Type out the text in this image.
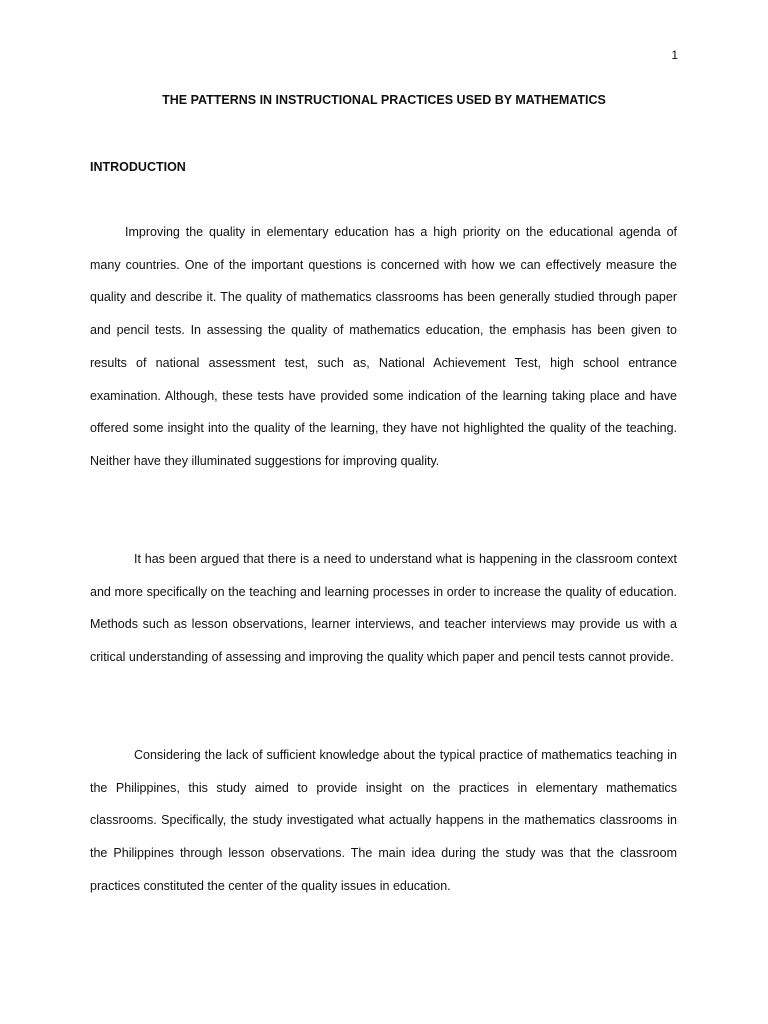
1
THE PATTERNS IN INSTRUCTIONAL PRACTICES USED BY MATHEMATICS
INTRODUCTION

Improving the quality in elementary education has a high priority on the educational agenda of many countries. One of the important questions is concerned with how we can effectively measure the quality and describe it. The quality of mathematics classrooms has been generally studied through paper and pencil tests. In assessing the quality of mathematics education, the emphasis has been given to results of national assessment test, such as, National Achievement Test, high school entrance examination. Although, these tests have provided some indication of the learning taking place and have offered some insight into the quality of the learning, they have not highlighted the quality of the teaching. Neither have they illuminated suggestions for improving quality.

It has been argued that there is a need to understand what is happening in the classroom context and more specifically on the teaching and learning processes in order to increase the quality of education. Methods such as lesson observations, learner interviews, and teacher interviews may provide us with a critical understanding of assessing and improving the quality which paper and pencil tests cannot provide.

Considering the lack of sufficient knowledge about the typical practice of mathematics teaching in the Philippines, this study aimed to provide insight on the practices in elementary mathematics classrooms. Specifically, the study investigated what actually happens in the mathematics classrooms in the Philippines through lesson observations. The main idea during the study was that the classroom practices constituted the center of the quality issues in education.
